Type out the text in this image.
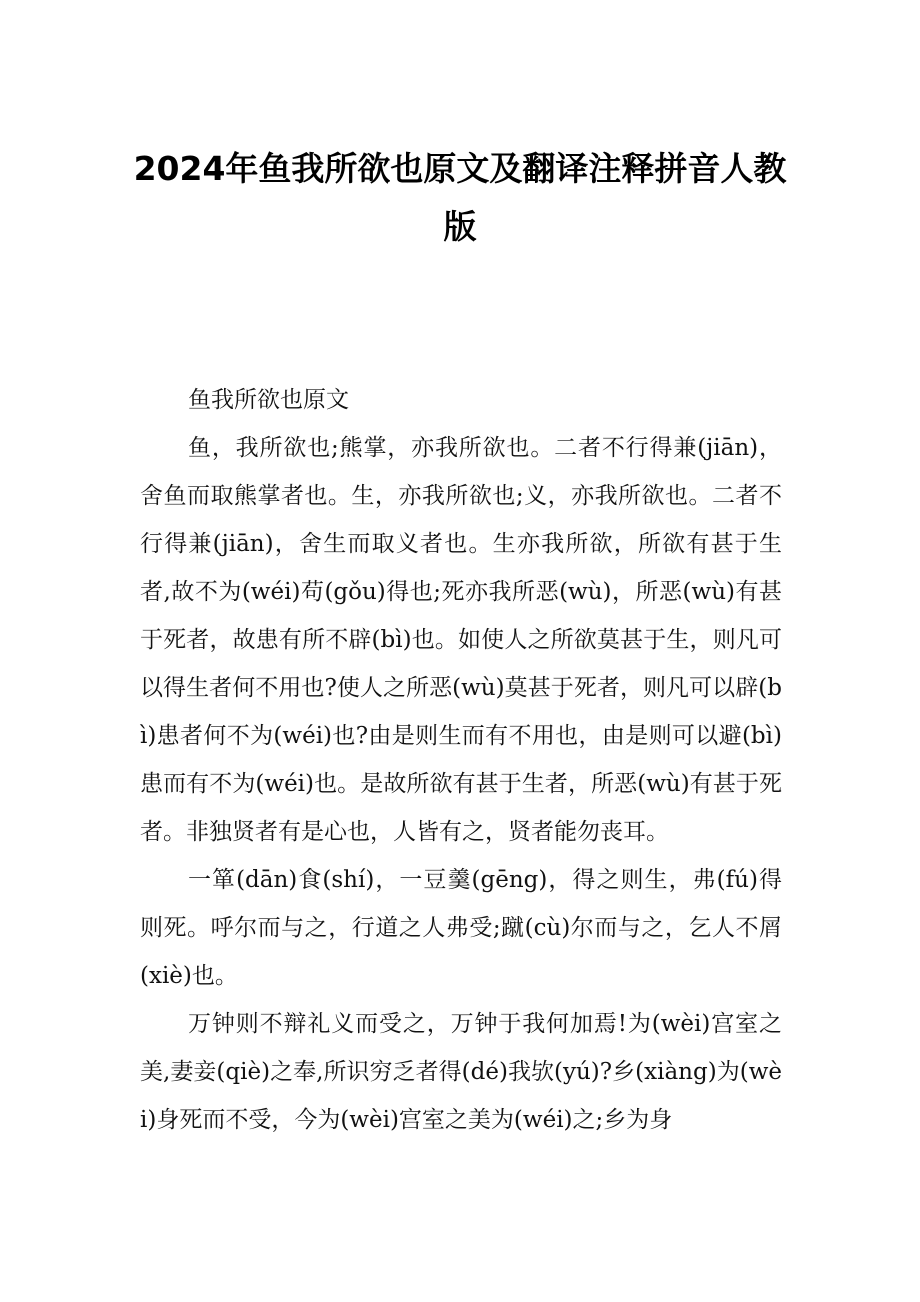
2024年鱼我所欲也原文及翻译注释拼音人教版

鱼我所欲也原文

鱼，我所欲也;熊掌，亦我所欲也。二者不行得兼(jiān)，舍鱼而取熊掌者也。生，亦我所欲也;义，亦我所欲也。二者不行得兼(jiān)，舍生而取义者也。生亦我所欲，所欲有甚于生者,故不为(wéi)苟(gǒu)得也;死亦我所恶(wù)，所恶(wù)有甚于死者，故患有所不辟(bì)也。如使人之所欲莫甚于生，则凡可以得生者何不用也?使人之所恶(wù)莫甚于死者，则凡可以辟(bì)患者何不为(wéi)也?由是则生而有不用也，由是则可以避(bì)患而有不为(wéi)也。是故所欲有甚于生者，所恶(wù)有甚于死者。非独贤者有是心也，人皆有之，贤者能勿丧耳。

一箪(dān)食(shí)，一豆羹(gēng)，得之则生，弗(fú)得则死。呼尔而与之，行道之人弗受;蹴(cù)尔而与之，乞人不屑(xiè)也。

万钟则不辩礼义而受之，万钟于我何加焉!为(wèi)宫室之美,妻妾(qiè)之奉,所识穷乏者得(dé)我欤(yú)?乡(xiàng)为(wèi)身死而不受，今为(wèi)宫室之美为(wéi)之;乡为身
